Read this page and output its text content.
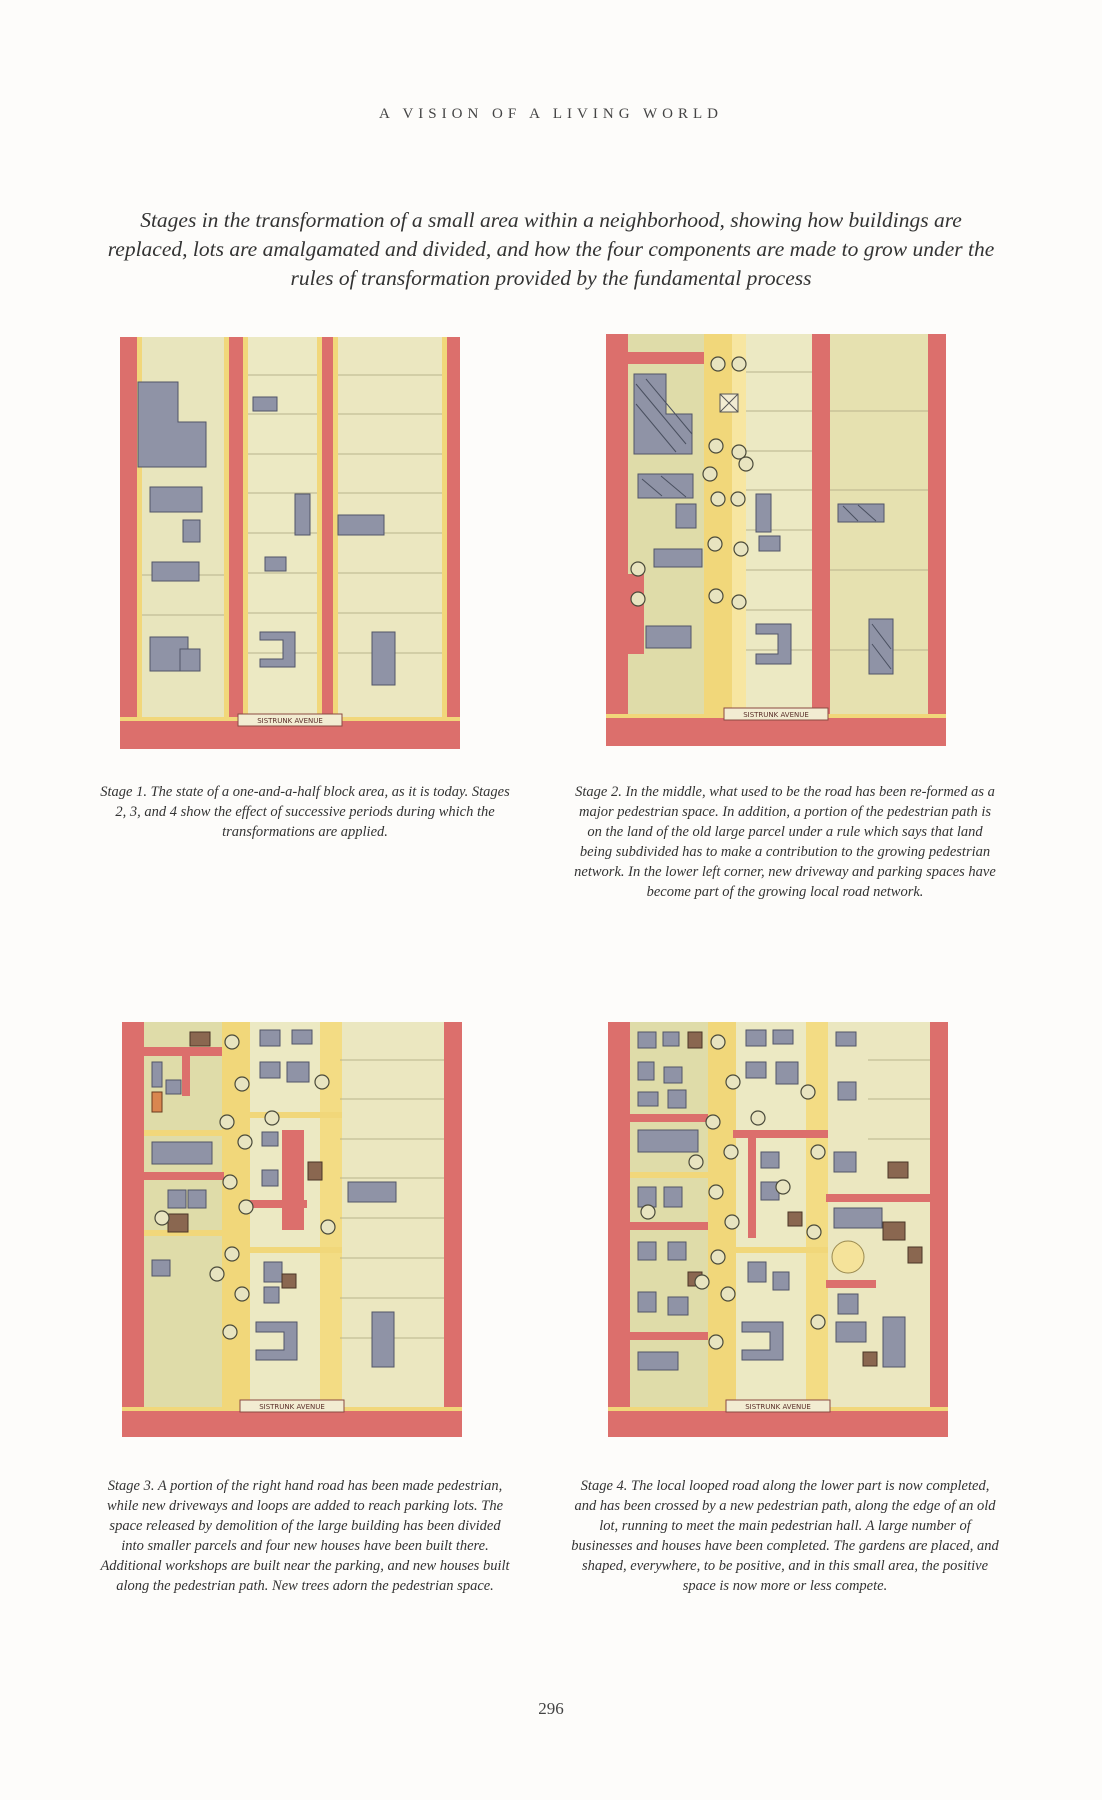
A VISION OF A LIVING WORLD
Stages in the transformation of a small area within a neighborhood, showing how buildings are replaced, lots are amalgamated and divided, and how the four components are made to grow under the rules of transformation provided by the fundamental process
SISTRUNK AVENUE
SISTRUNK AVENUE
SISTRUNK AVENUE	SISTRUNK AVENUE
Stage 1. The state of a one-and-a-half block area, as it is today. Stages 2, 3, and 4 show the effect of successive periods during which the transformations are applied.
Stage 2. In the middle, what used to be the road has been re-formed as a major pedestrian space. In addition, a portion of the pedestrian path is on the land of the old large parcel under a rule which says that land being subdivided has to make a contribution to the growing pedestrian network. In the lower left corner, new driveway and parking spaces have become part of the growing local road network.
Stage 3. A portion of the right hand road has been made pedestrian, while new driveways and loops are added to reach parking lots. The space released by demolition of the large building has been divided into smaller parcels and four new houses have been built there. Additional workshops are built near the parking, and new houses built along the pedestrian path. New trees adorn the pedestrian space.
Stage 4. The local looped road along the lower part is now completed, and has been crossed by a new pedestrian path, along the edge of an old lot, running to meet the main pedestrian hall. A large number of businesses and houses have been completed. The gardens are placed, and shaped, everywhere, to be positive, and in this small area, the positive space is now more or less compete.
296
